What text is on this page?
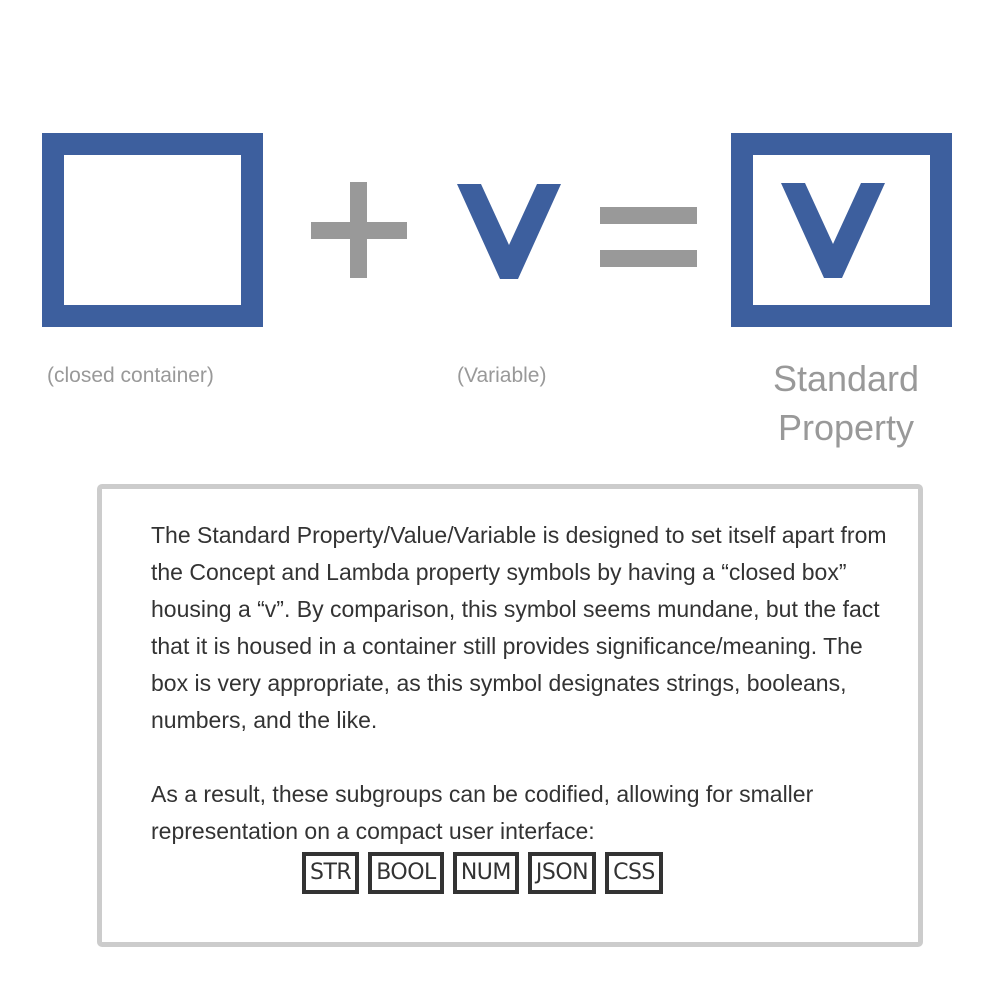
(closed container)	(Variable)	Standard
Property

The Standard Property/Value/Variable is designed to set itself apart from the Concept and Lambda property symbols by having a “closed box” housing a “v”. By comparison, this symbol seems mundane, but the fact that it is housed in a container still provides significance/meaning. The box is very appropriate, as this symbol designates strings, booleans, numbers, and the like.

As a result, these subgroups can be codified, allowing for smaller representation on a compact user interface:

STR	BOOL	NUM	JSON	CSS
